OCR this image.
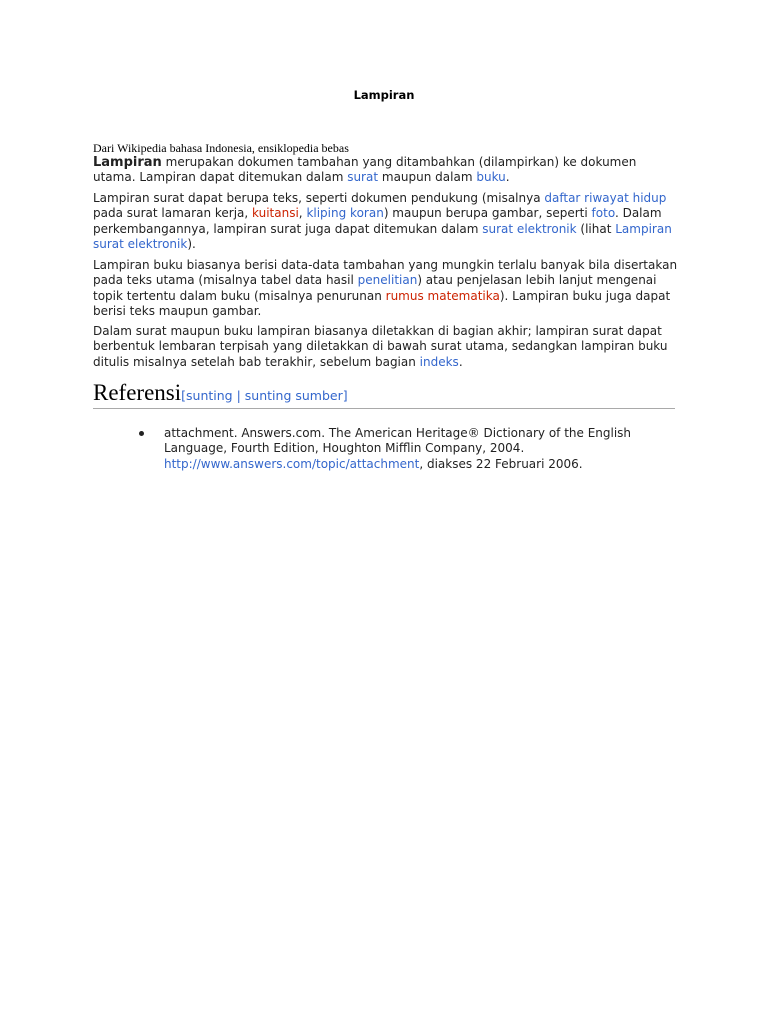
Lampiran
Dari Wikipedia bahasa Indonesia, ensiklopedia bebas

Lampiran merupakan dokumen tambahan yang ditambahkan (dilampirkan) ke dokumen utama. Lampiran dapat ditemukan dalam surat maupun dalam buku.

Lampiran surat dapat berupa teks, seperti dokumen pendukung (misalnya daftar riwayat hidup pada surat lamaran kerja, kuitansi, kliping koran) maupun berupa gambar, seperti foto. Dalam perkembangannya, lampiran surat juga dapat ditemukan dalam surat elektronik (lihat Lampiran surat elektronik).

Lampiran buku biasanya berisi data-data tambahan yang mungkin terlalu banyak bila disertakan pada teks utama (misalnya tabel data hasil penelitian) atau penjelasan lebih lanjut mengenai topik tertentu dalam buku (misalnya penurunan rumus matematika). Lampiran buku juga dapat berisi teks maupun gambar.

Dalam surat maupun buku lampiran biasanya diletakkan di bagian akhir; lampiran surat dapat berbentuk lembaran terpisah yang diletakkan di bawah surat utama, sedangkan lampiran buku ditulis misalnya setelah bab terakhir, sebelum bagian indeks.

Referensi[sunting | sunting sumber]
attachment. Answers.com. The American Heritage® Dictionary of the English Language, Fourth Edition, Houghton Mifflin Company, 2004. http://www.answers.com/topic/attachment, diakses 22 Februari 2006.
